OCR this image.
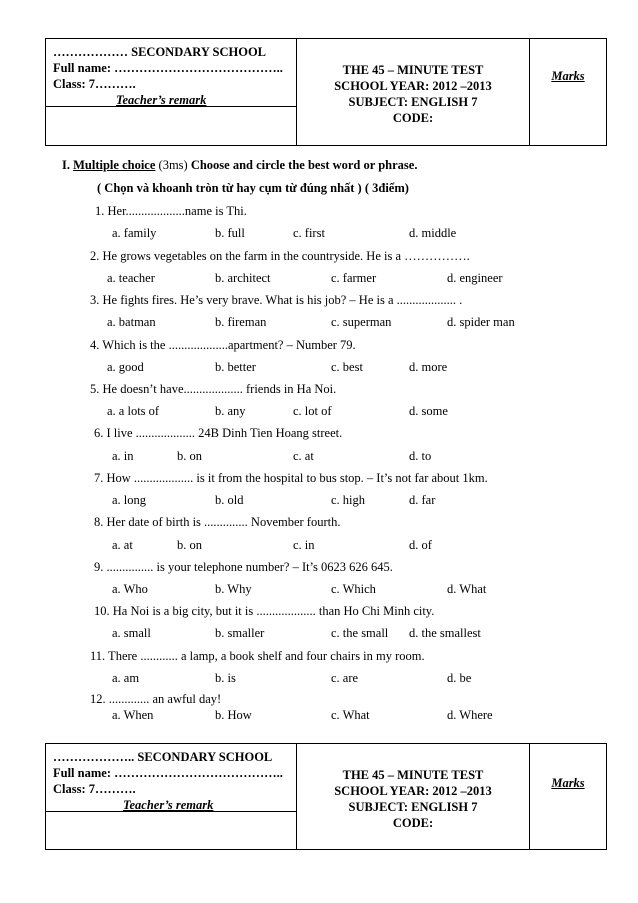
……………… SECONDARY SCHOOL
Full name: …………………………………..
Class: 7……….
Teacher’s remark
THE 45 – MINUTE TEST
SCHOOL YEAR: 2012 –2013
SUBJECT: ENGLISH 7
CODE:
Marks
I. Multiple choice (3ms) Choose and circle the best word or phrase.
( Chọn và khoanh tròn từ hay cụm từ đúng nhất ) ( 3điểm)
1. Her...................name is Thi.
a. family	b. full	c. first	d. middle
2. He grows vegetables on the farm in the countryside. He is a …………….
a. teacher	b. architect	c. farmer	d. engineer
3. He fights fires. He’s very brave. What is his job? – He is a ................... .
a. batman	b. fireman	c. superman	d. spider man
4. Which is the ...................apartment? – Number 79.
a. good	b. better	c. best	d. more
5. He doesn’t have................... friends in Ha Noi.
a. a lots of	b. any	c. lot of	d. some
6. I live ................... 24B Dinh Tien Hoang street.
a. in	b. on	c. at	d. to
7. How ................... is it from the hospital to bus stop. – It’s not far about 1km.
a. long	b. old	c. high	d. far
8. Her date of birth is .............. November fourth.
a. at	b. on	c. in	d. of
9. ............... is your telephone number? – It’s 0623 626 645.
a. Who	b. Why	c. Which	d. What
10. Ha Noi is a big city, but it is ................... than Ho Chi Minh city.
a. small	b. smaller	c. the small d. the smallest
11. There ............ a lamp, a book shelf and four chairs in my room.
a. am	b. is	c. are	d. be
12. ............. an awful day!
a. When	b. How	c. What	d. Where
……………….. SECONDARY SCHOOL
Full name: …………………………………..
Class: 7……….
Teacher’s remark
THE 45 – MINUTE TEST
SCHOOL YEAR: 2012 –2013
SUBJECT: ENGLISH 7
CODE:
Marks
